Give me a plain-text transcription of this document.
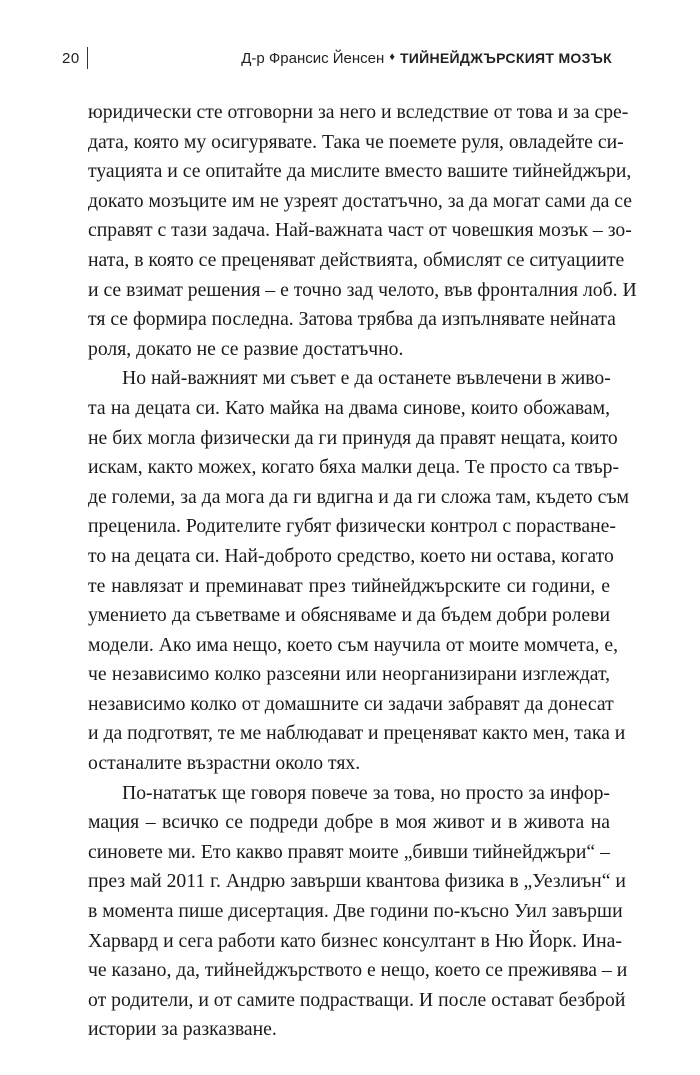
20	Д-р Франсис Йенсен ♦ ТИЙНЕЙДЖЪРСКИЯТ МОЗЪК

юридически сте отговорни за него и вследствие от това и за сре-
дата, която му осигурявате. Така че поемете руля, овладейте си-
туацията и се опитайте да мислите вместо вашите тийнейджъри,
докато мозъците им не узреят достатъчно, за да могат сами да се
справят с тази задача. Най-важната част от човешкия мозък – зо-
ната, в която се преценяват действията, обмислят се ситуациите
и се взимат решения – е точно зад челото, във фронталния лоб. И
тя се формира последна. Затова трябва да изпълнявате нейната
роля, докато не се развие достатъчно.

Но най-важният ми съвет е да останете въвлечени в живо-
та на децата си. Като майка на двама синове, които обожавам,
не бих могла физически да ги принудя да правят нещата, които
искам, както можех, когато бяха малки деца. Те просто са твър-
де големи, за да мога да ги вдигна и да ги сложа там, където съм
преценила. Родителите губят физически контрол с порастване-
то на децата си. Най-доброто средство, което ни остава, когато
те навлязат и преминават през тийнейджърските си години, е
умението да съветваме и обясняваме и да бъдем добри ролеви
модели. Ако има нещо, което съм научила от моите момчета, е,
че независимо колко разсеяни или неорганизирани изглеждат,
независимо колко от домашните си задачи забравят да донесат
и да подготвят, те ме наблюдават и преценяват както мен, така и
останалите възрастни около тях.

По-нататък ще говоря повече за това, но просто за инфор-
мация – всичко се подреди добре в моя живот и в живота на
синовете ми. Ето какво правят моите „бивши тийнейджъри“ –
през май 2011 г. Андрю завърши квантова физика в „Уезлиън“ и
в момента пише дисертация. Две години по-късно Уил завърши
Харвард и сега работи като бизнес консултант в Ню Йорк. Ина-
че казано, да, тийнейджърството е нещо, което се преживява – и
от родители, и от самите подрастващи. И после остават безброй
истории за разказване.
